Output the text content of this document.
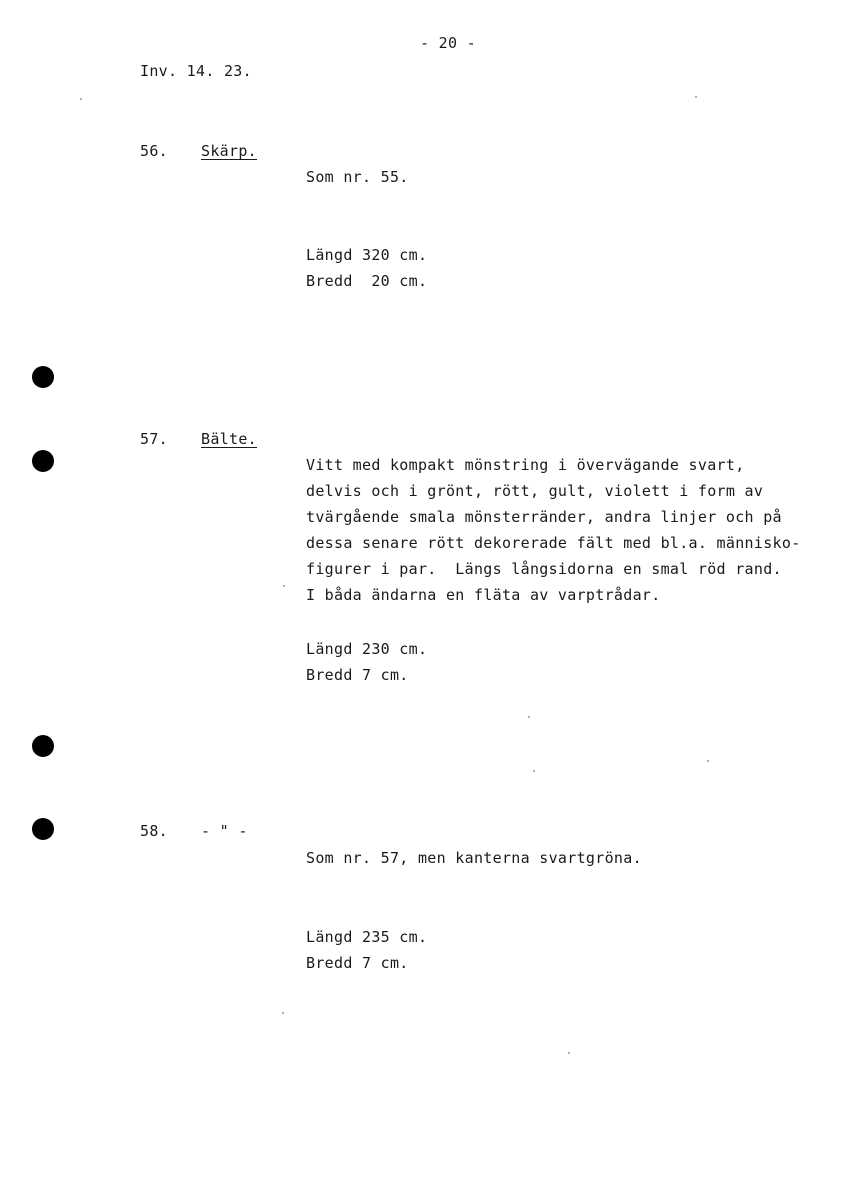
- 20 -
Inv. 14. 23.
56. Skärp.
Som nr. 55.
Längd 320 cm.
Bredd  20 cm.
57. Bälte.
Vitt med kompakt mönstring i övervägande svart,
delvis och i grönt, rött, gult, violett i form av
tvärgående smala mönsterränder, andra linjer och på
dessa senare rött dekorerade fält med bl.a. människo-
figurer i par.  Längs långsidorna en smal röd rand.
I båda ändarna en fläta av varptrådar.
Längd 230 cm.
Bredd 7 cm.
58. - " -
Som nr. 57, men kanterna svartgröna.
Längd 235 cm.
Bredd 7 cm.
